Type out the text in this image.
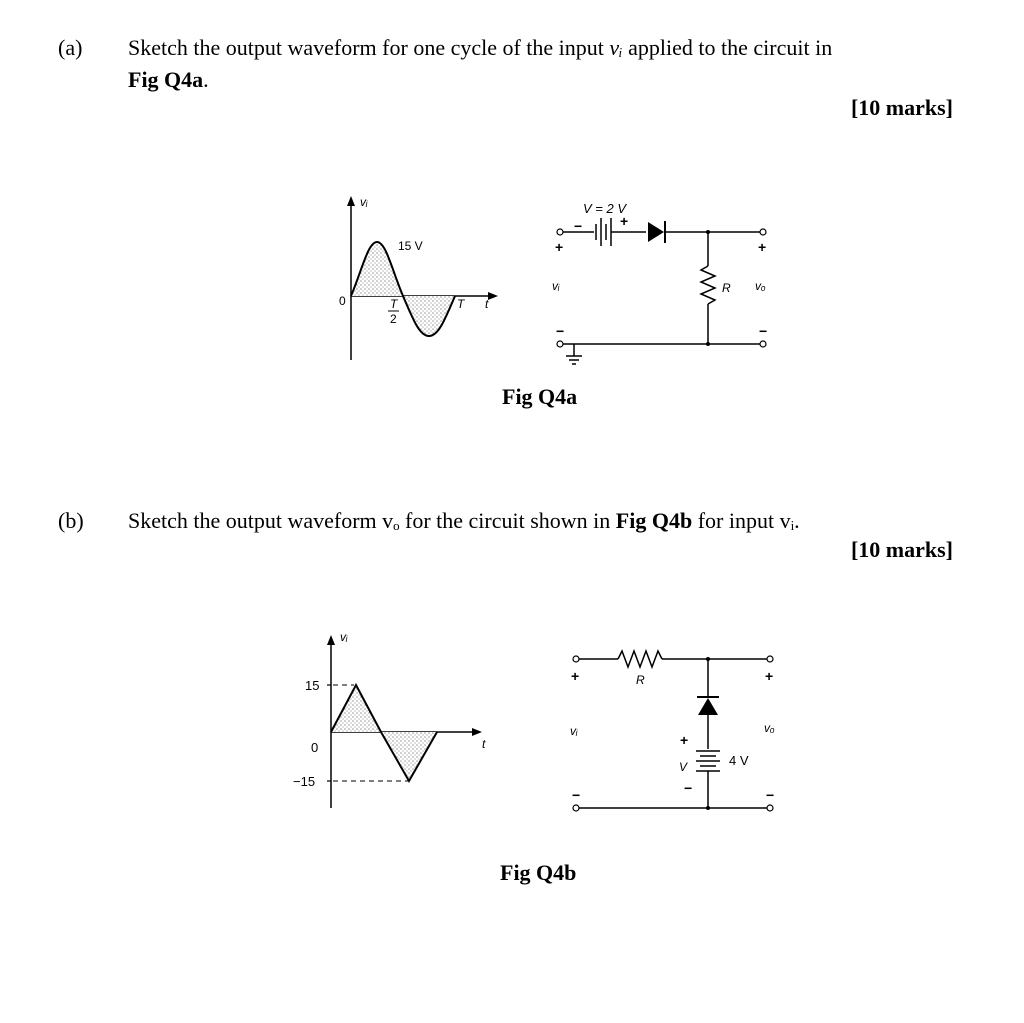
(a) Sketch the output waveform for one cycle of the input vᵢ applied to the circuit in
Fig Q4a.
[10 marks]
vᵢ
15 V
0	T
2
T t
V = 2 V
−	+
+
vᵢ
−
R
+
vₒ
−
Fig Q4a
(b) Sketch the output waveform vₒ for the circuit shown in Fig Q4b for input vᵢ.
[10 marks]
vᵢ
15
0
−15
t
+
vᵢ
−
R
+
V
−
4 V
+
vₒ
−
Fig Q4b
